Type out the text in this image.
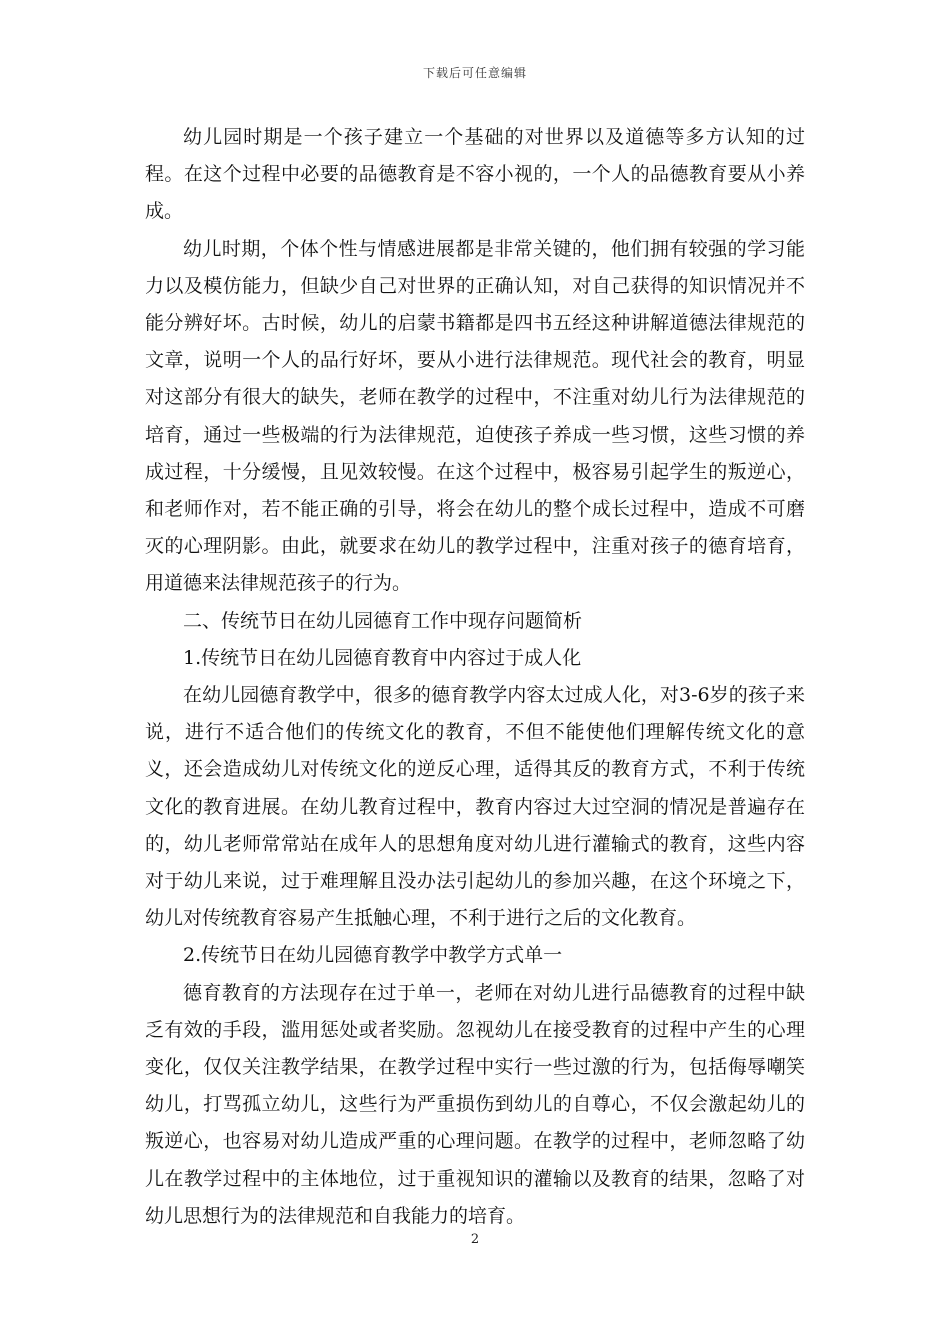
下载后可任意编辑

幼儿园时期是一个孩子建立一个基础的对世界以及道德等多方认知的过程。在这个过程中必要的品德教育是不容小视的，一个人的品德教育要从小养成。

幼儿时期，个体个性与情感进展都是非常关键的，他们拥有较强的学习能力以及模仿能力，但缺少自己对世界的正确认知，对自己获得的知识情况并不能分辨好坏。古时候，幼儿的启蒙书籍都是四书五经这种讲解道德法律规范的文章，说明一个人的品行好坏，要从小进行法律规范。现代社会的教育，明显对这部分有很大的缺失，老师在教学的过程中，不注重对幼儿行为法律规范的培育，通过一些极端的行为法律规范，迫使孩子养成一些习惯，这些习惯的养成过程，十分缓慢，且见效较慢。在这个过程中，极容易引起学生的叛逆心，和老师作对，若不能正确的引导，将会在幼儿的整个成长过程中，造成不可磨灭的心理阴影。由此，就要求在幼儿的教学过程中，注重对孩子的德育培育，用道德来法律规范孩子的行为。

二、传统节日在幼儿园德育工作中现存问题简析

1.传统节日在幼儿园德育教育中内容过于成人化

在幼儿园德育教学中，很多的德育教学内容太过成人化，对3-6岁的孩子来说，进行不适合他们的传统文化的教育，不但不能使他们理解传统文化的意义，还会造成幼儿对传统文化的逆反心理，适得其反的教育方式，不利于传统文化的教育进展。在幼儿教育过程中，教育内容过大过空洞的情况是普遍存在的，幼儿老师常常站在成年人的思想角度对幼儿进行灌输式的教育，这些内容对于幼儿来说，过于难理解且没办法引起幼儿的参加兴趣，在这个环境之下，幼儿对传统教育容易产生抵触心理，不利于进行之后的文化教育。

2.传统节日在幼儿园德育教学中教学方式单一

德育教育的方法现存在过于单一，老师在对幼儿进行品德教育的过程中缺乏有效的手段，滥用惩处或者奖励。忽视幼儿在接受教育的过程中产生的心理变化，仅仅关注教学结果，在教学过程中实行一些过激的行为，包括侮辱嘲笑幼儿，打骂孤立幼儿，这些行为严重损伤到幼儿的自尊心，不仅会激起幼儿的叛逆心，也容易对幼儿造成严重的心理问题。在教学的过程中，老师忽略了幼儿在教学过程中的主体地位，过于重视知识的灌输以及教育的结果，忽略了对幼儿思想行为的法律规范和自我能力的培育。

2
